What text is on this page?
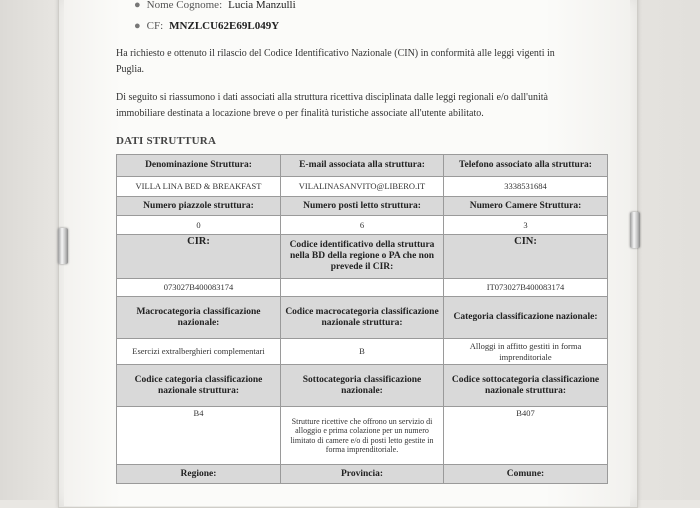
● Nome Cognome: Lucia Manzulli
● CF: MNZLCU62E69L049Y
Ha richiesto e ottenuto il rilascio del Codice Identificativo Nazionale (CIN) in conformità alle leggi vigenti in
Puglia.
Di seguito si riassumono i dati associati alla struttura ricettiva disciplinata dalle leggi regionali e/o dall'unità
immobiliare destinata a locazione breve o per finalità turistiche associate all'utente abilitato.
DATI STRUTTURA
Denominazione Struttura:	E-mail associata alla struttura:	Telefono associato alla struttura:
VILLA LINA BED & BREAKFAST	VILALINASANVITO@LIBERO.IT	3338531684
Numero piazzole struttura:	Numero posti letto struttura:	Numero Camere Struttura:
0	6	3
CIR:	Codice identificativo della struttura nella BD della regione o PA che non prevede il CIR:	CIN:
073027B400083174		IT073027B400083174
Macrocategoria classificazione nazionale:	Codice macrocategoria classificazione nazionale struttura:	Categoria classificazione nazionale:
Esercizi extralberghieri complementari	B	Alloggi in affitto gestiti in forma imprenditoriale
Codice categoria classificazione nazionale struttura:	Sottocategoria classificazione nazionale:	Codice sottocategoria classificazione nazionale struttura:
B4	Strutture ricettive che offrono un servizio di alloggio e prima colazione per un numero limitato di camere e/o di posti letto gestite in forma imprenditoriale.	B407
Regione:	Provincia:	Comune:
